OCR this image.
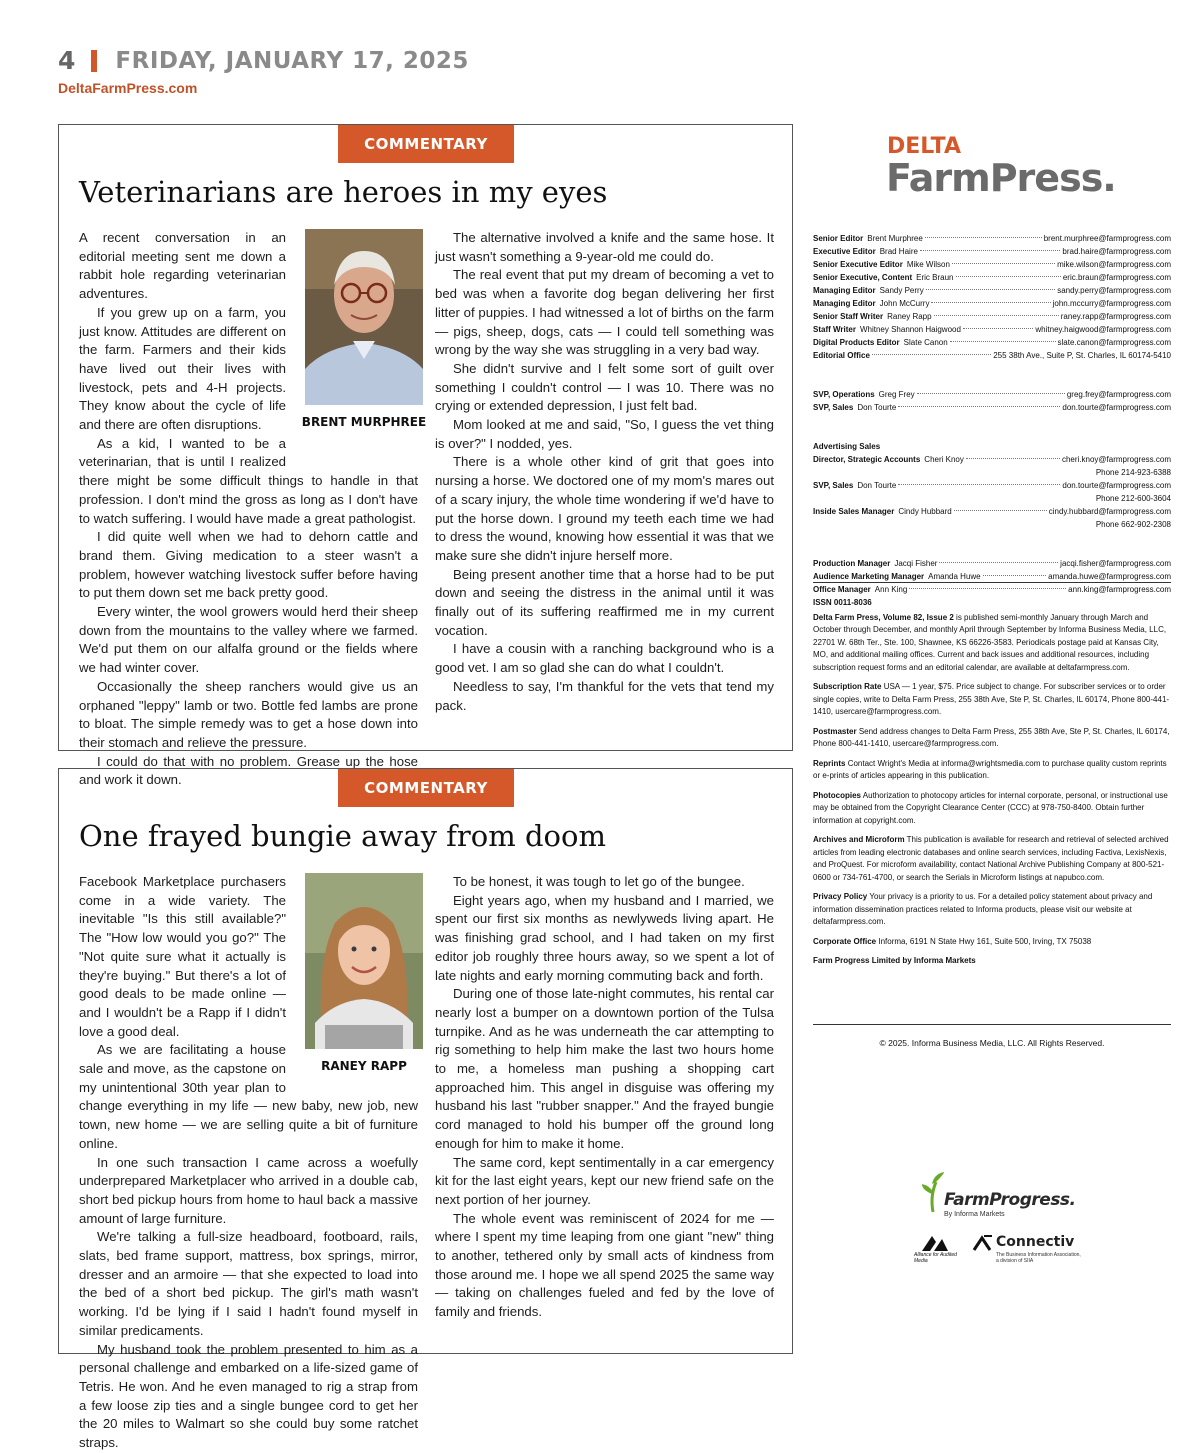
4 FRIDAY, JANUARY 17, 2025
DeltaFarmPress.com
COMMENTARY
Veterinarians are heroes in my eyes
BRENT MURPHREE

A recent conversation in an editorial meeting sent me down a rabbit hole regarding veterinarian adventures.

If you grew up on a farm, you just know. Attitudes are different on the farm. Farmers and their kids have lived out their lives with livestock, pets and 4-H projects. They know about the cycle of life and there are often disruptions.

As a kid, I wanted to be a veterinarian, that is until I realized there might be some difficult things to handle in that profession. I don't mind the gross as long as I don't have to watch suffering. I would have made a great pathologist.

I did quite well when we had to dehorn cattle and brand them. Giving medication to a steer wasn't a problem, however watching livestock suffer before having to put them down set me back pretty good.

Every winter, the wool growers would herd their sheep down from the mountains to the valley where we farmed. We'd put them on our alfalfa ground or the fields where we had winter cover.

Occasionally the sheep ranchers would give us an orphaned "leppy" lamb or two. Bottle fed lambs are prone to bloat. The simple remedy was to get a hose down into their stomach and relieve the pressure.

I could do that with no problem. Grease up the hose and work it down.

The alternative involved a knife and the same hose. It just wasn't something a 9-year-old me could do.

The real event that put my dream of becoming a vet to bed was when a favorite dog began delivering her first litter of puppies. I had witnessed a lot of births on the farm — pigs, sheep, dogs, cats — I could tell something was wrong by the way she was struggling in a very bad way.

She didn't survive and I felt some sort of guilt over something I couldn't control — I was 10. There was no crying or extended depression, I just felt bad.

Mom looked at me and said, "So, I guess the vet thing is over?" I nodded, yes.

There is a whole other kind of grit that goes into nursing a horse. We doctored one of my mom's mares out of a scary injury, the whole time wondering if we'd have to put the horse down. I ground my teeth each time we had to dress the wound, knowing how essential it was that we make sure she didn't injure herself more.

Being present another time that a horse had to be put down and seeing the distress in the animal until it was finally out of its suffering reaffirmed me in my current vocation.

I have a cousin with a ranching background who is a good vet. I am so glad she can do what I couldn't.

Needless to say, I'm thankful for the vets that tend my pack.

COMMENTARY
One frayed bungie away from doom
RANEY RAPP

Facebook Marketplace purchasers come in a wide variety. The inevitable "Is this still available?" The "How low would you go?" The "Not quite sure what it actually is they're buying." But there's a lot of good deals to be made online — and I wouldn't be a Rapp if I didn't love a good deal.

As we are facilitating a house sale and move, as the capstone on my unintentional 30th year plan to change everything in my life — new baby, new job, new town, new home — we are selling quite a bit of furniture online.

In one such transaction I came across a woefully underprepared Marketplacer who arrived in a double cab, short bed pickup hours from home to haul back a massive amount of large furniture.

We're talking a full-size headboard, footboard, rails, slats, bed frame support, mattress, box springs, mirror, dresser and an armoire — that she expected to load into the bed of a short bed pickup. The girl's math wasn't working. I'd be lying if I said I hadn't found myself in similar predicaments.

My husband took the problem presented to him as a personal challenge and embarked on a life-sized game of Tetris. He won. And he even managed to rig a strap from a few loose zip ties and a single bungee cord to get her the 20 miles to Walmart so she could buy some ratchet straps.

To be honest, it was tough to let go of the bungee.

Eight years ago, when my husband and I married, we spent our first six months as newlyweds living apart. He was finishing grad school, and I had taken on my first editor job roughly three hours away, so we spent a lot of late nights and early morning commuting back and forth.

During one of those late-night commutes, his rental car nearly lost a bumper on a downtown portion of the Tulsa turnpike. And as he was underneath the car attempting to rig something to help him make the last two hours home to me, a homeless man pushing a shopping cart approached him. This angel in disguise was offering my husband his last "rubber snapper." And the frayed bungie cord managed to hold his bumper off the ground long enough for him to make it home.

The same cord, kept sentimentally in a car emergency kit for the last eight years, kept our new friend safe on the next portion of her journey.

The whole event was reminiscent of 2024 for me — where I spent my time leaping from one giant "new" thing to another, tethered only by small acts of kindness from those around me. I hope we all spend 2025 the same way — taking on challenges fueled and fed by the love of family and friends.

DELTA
FarmPress.
Senior Editor Brent Murphree	brent.murphree@farmprogress.com
Executive Editor Brad Haire	brad.haire@farmprogress.com
Senior Executive Editor Mike Wilson	mike.wilson@farmprogress.com
Senior Executive, Content Eric Braun	eric.braun@farmprogress.com
Managing Editor Sandy Perry	sandy.perry@farmprogress.com
Managing Editor John McCurry	john.mccurry@farmprogress.com
Senior Staff Writer Raney Rapp	raney.rapp@farmprogress.com
Staff Writer Whitney Shannon Haigwood	whitney.haigwood@farmprogress.com
Digital Products Editor Slate Canon	slate.canon@farmprogress.com
Editorial Office	255 38th Ave., Suite P, St. Charles, IL 60174-5410
SVP, Operations Greg Frey	greg.frey@farmprogress.com
SVP, Sales Don Tourte	don.tourte@farmprogress.com
Advertising Sales
Director, Strategic Accounts Cheri Knoy	cheri.knoy@farmprogress.com
Phone 214-923-6388
SVP, Sales Don Tourte	don.tourte@farmprogress.com
Phone 212-600-3604
Inside Sales Manager Cindy Hubbard	cindy.hubbard@farmprogress.com
Phone 662-902-2308
Production Manager Jacqi Fisher	jacqi.fisher@farmprogress.com
Audience Marketing Manager Amanda Huwe	amanda.huwe@farmprogress.com
Office Manager Ann King	ann.king@farmprogress.com

ISSN 0011-8036

Delta Farm Press, Volume 82, Issue 2 is published semi-monthly January through March and October through December, and monthly April through September by Informa Business Media, LLC, 22701 W. 68th Ter., Ste. 100, Shawnee, KS 66226-3583. Periodicals postage paid at Kansas City, MO, and additional mailing offices. Current and back issues and additional resources, including subscription request forms and an editorial calendar, are available at deltafarmpress.com.

Subscription Rate USA — 1 year, $75. Price subject to change. For subscriber services or to order single copies, write to Delta Farm Press, 255 38th Ave, Ste P, St. Charles, IL 60174, Phone 800-441-1410, usercare@farmprogress.com.

Postmaster Send address changes to Delta Farm Press, 255 38th Ave, Ste P, St. Charles, IL 60174, Phone 800-441-1410, usercare@farmprogress.com.

Reprints Contact Wright's Media at informa@wrightsmedia.com to purchase quality custom reprints or e-prints of articles appearing in this publication.

Photocopies Authorization to photocopy articles for internal corporate, personal, or instructional use may be obtained from the Copyright Clearance Center (CCC) at 978-750-8400. Obtain further information at copyright.com.

Archives and Microform This publication is available for research and retrieval of selected archived articles from leading electronic databases and online search services, including Factiva, LexisNexis, and ProQuest. For microform availability, contact National Archive Publishing Company at 800-521-0600 or 734-761-4700, or search the Serials in Microform listings at napubco.com.

Privacy Policy Your privacy is a priority to us. For a detailed policy statement about privacy and information dissemination practices related to Informa products, please visit our website at deltafarmpress.com.

Corporate Office Informa, 6191 N State Hwy 161, Suite 500, Irving, TX 75038

Farm Progress Limited by Informa Markets

© 2025. Informa Business Media, LLC. All Rights Reserved.
FarmProgress.
By Informa Markets
Alliance for Audited Media
Connectiv
The Business Information Association, a division of SIIA
